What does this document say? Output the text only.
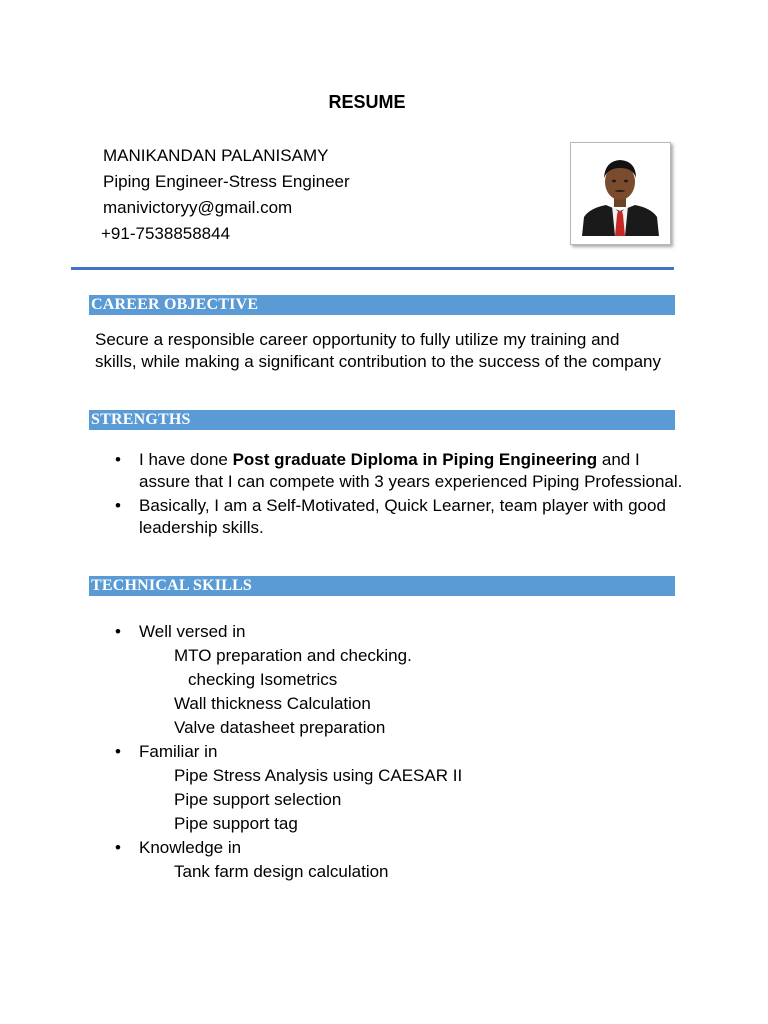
RESUME
MANIKANDAN PALANISAMY
Piping Engineer-Stress Engineer
manivictoryy@gmail.com
+91-7538858844
CAREER OBJECTIVE
Secure a responsible career opportunity to fully utilize my training and skills, while making a significant contribution to the success of the company
STRENGTHS
• I have done Post graduate Diploma in Piping Engineering and I assure that I can compete with 3 years experienced Piping Professional.
• Basically, I am a Self-Motivated, Quick Learner, team player with good leadership skills.
TECHNICAL SKILLS
• Well versed in
MTO preparation and checking.
checking Isometrics
Wall thickness Calculation
Valve datasheet preparation
• Familiar in
Pipe Stress Analysis using CAESAR II
Pipe support selection
Pipe support tag
• Knowledge in
Tank farm design calculation
